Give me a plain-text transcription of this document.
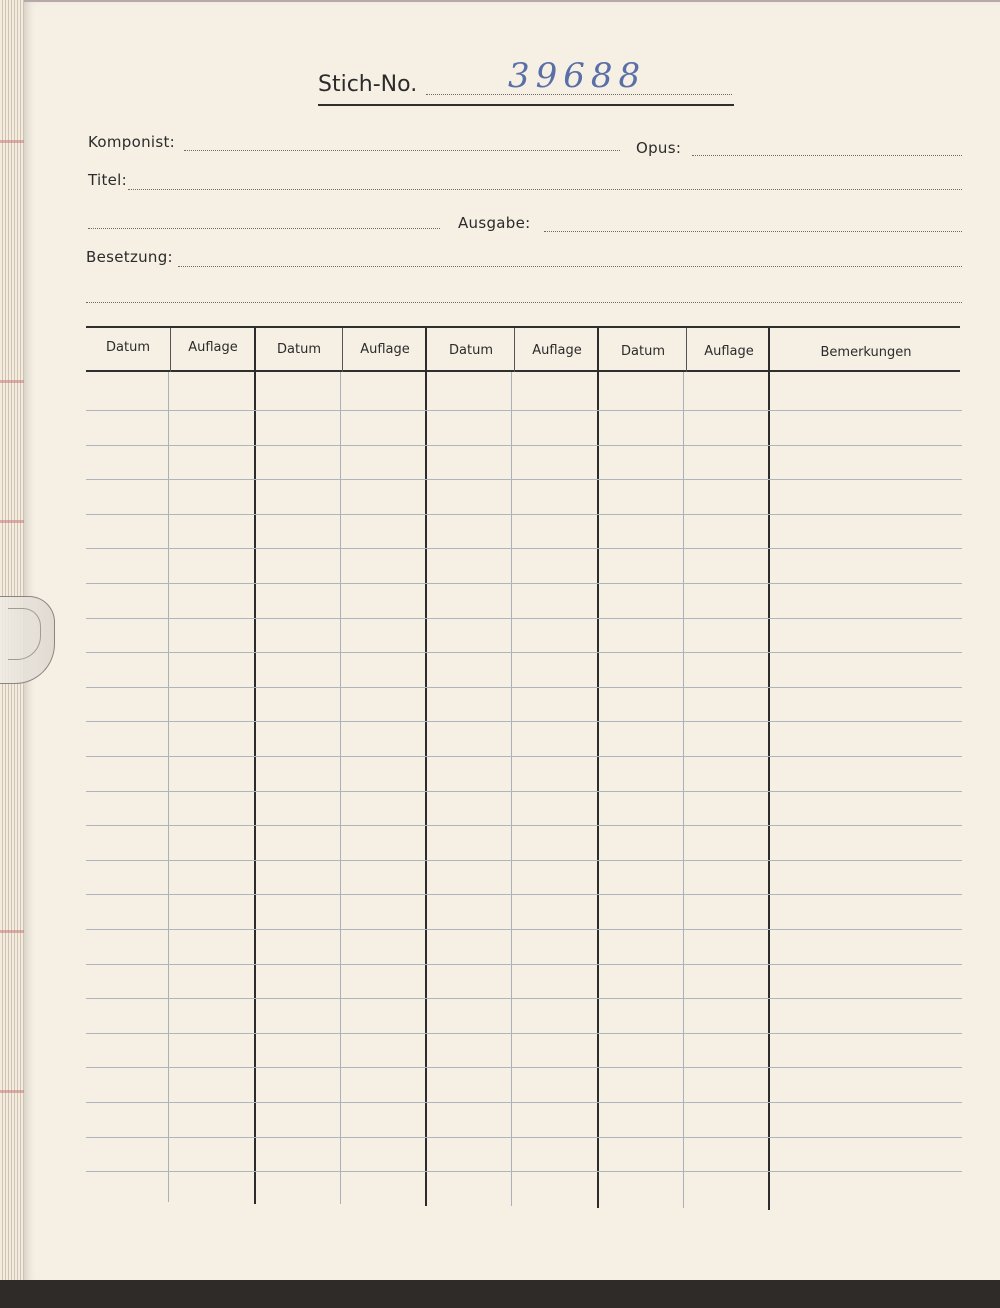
Stich-No.	39688
Komponist:	Opus:
Titel:
Ausgabe:
Besetzung:
Datum	Auflage	Datum	Auflage	Datum	Auflage	Datum	Auflage	Bemerkungen
